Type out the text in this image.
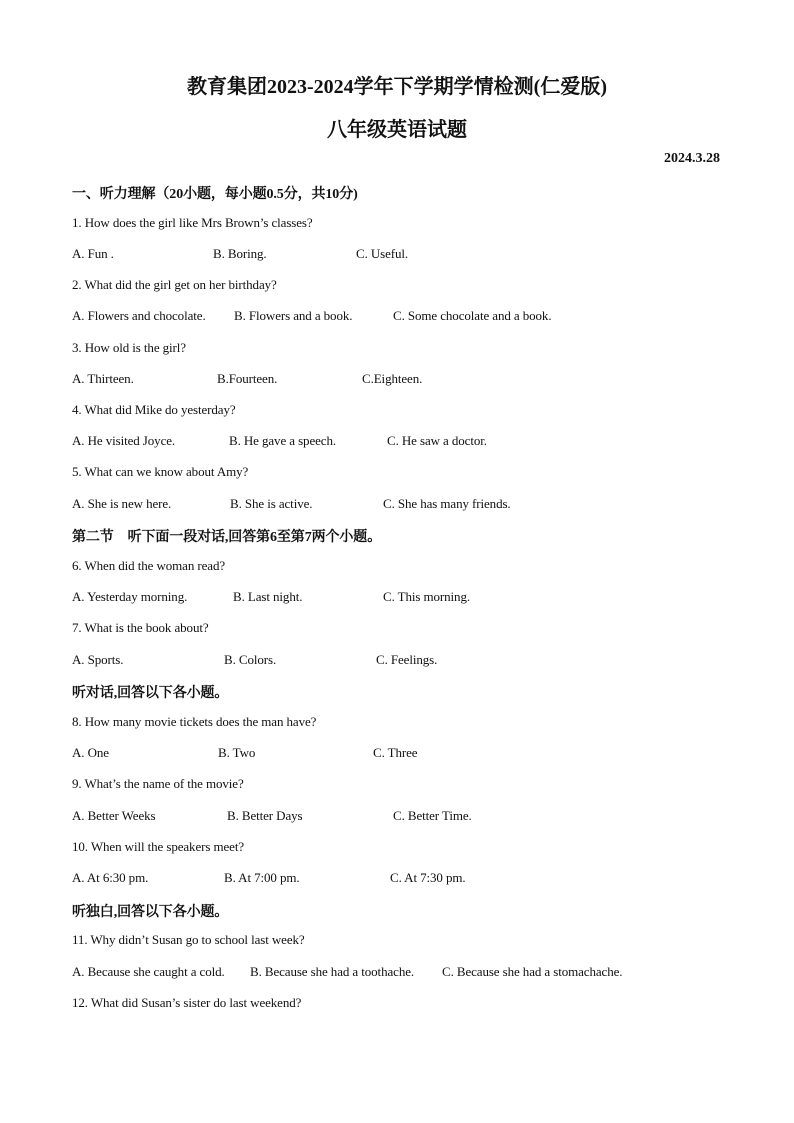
教育集团2023-2024学年下学期学情检测(仁爱版)
八年级英语试题
2024.3.28
一、听力理解（20小题，每小题0.5分，共10分)
1. How does the girl like Mrs Brown’s classes?
A. Fun .	B. Boring.	C. Useful.
2. What did the girl get on her birthday?
A. Flowers and chocolate. B. Flowers and a book.	C. Some chocolate and a book.
3. How old is the girl?
A. Thirteen.	B.Fourteen.	C.Eighteen.
4. What did Mike do yesterday?
A. He visited Joyce.	B. He gave a speech.	C. He saw a doctor.
5. What can we know about Amy?
A. She is new here.	B. She is active.	C. She has many friends.
第二节　听下面一段对话,回答第6至第7两个小题。
6. When did the woman read?
A. Yesterday morning.	B. Last night.	C. This morning.
7. What is the book about?
A. Sports.	B. Colors.	C. Feelings.
听对话,回答以下各小题。
8. How many movie tickets does the man have?
A. One	B. Two	C. Three
9. What’s the name of the movie?
A. Better Weeks	B. Better Days	C. Better Time.
10. When will the speakers meet?
A. At 6:30 pm.	B. At 7:00 pm.	C. At 7:30 pm.
听独白,回答以下各小题。
11. Why didn’t Susan go to school last week?
A. Because she caught a cold. B. Because she had a toothache. C. Because she had a stomachache.
12. What did Susan’s sister do last weekend?
